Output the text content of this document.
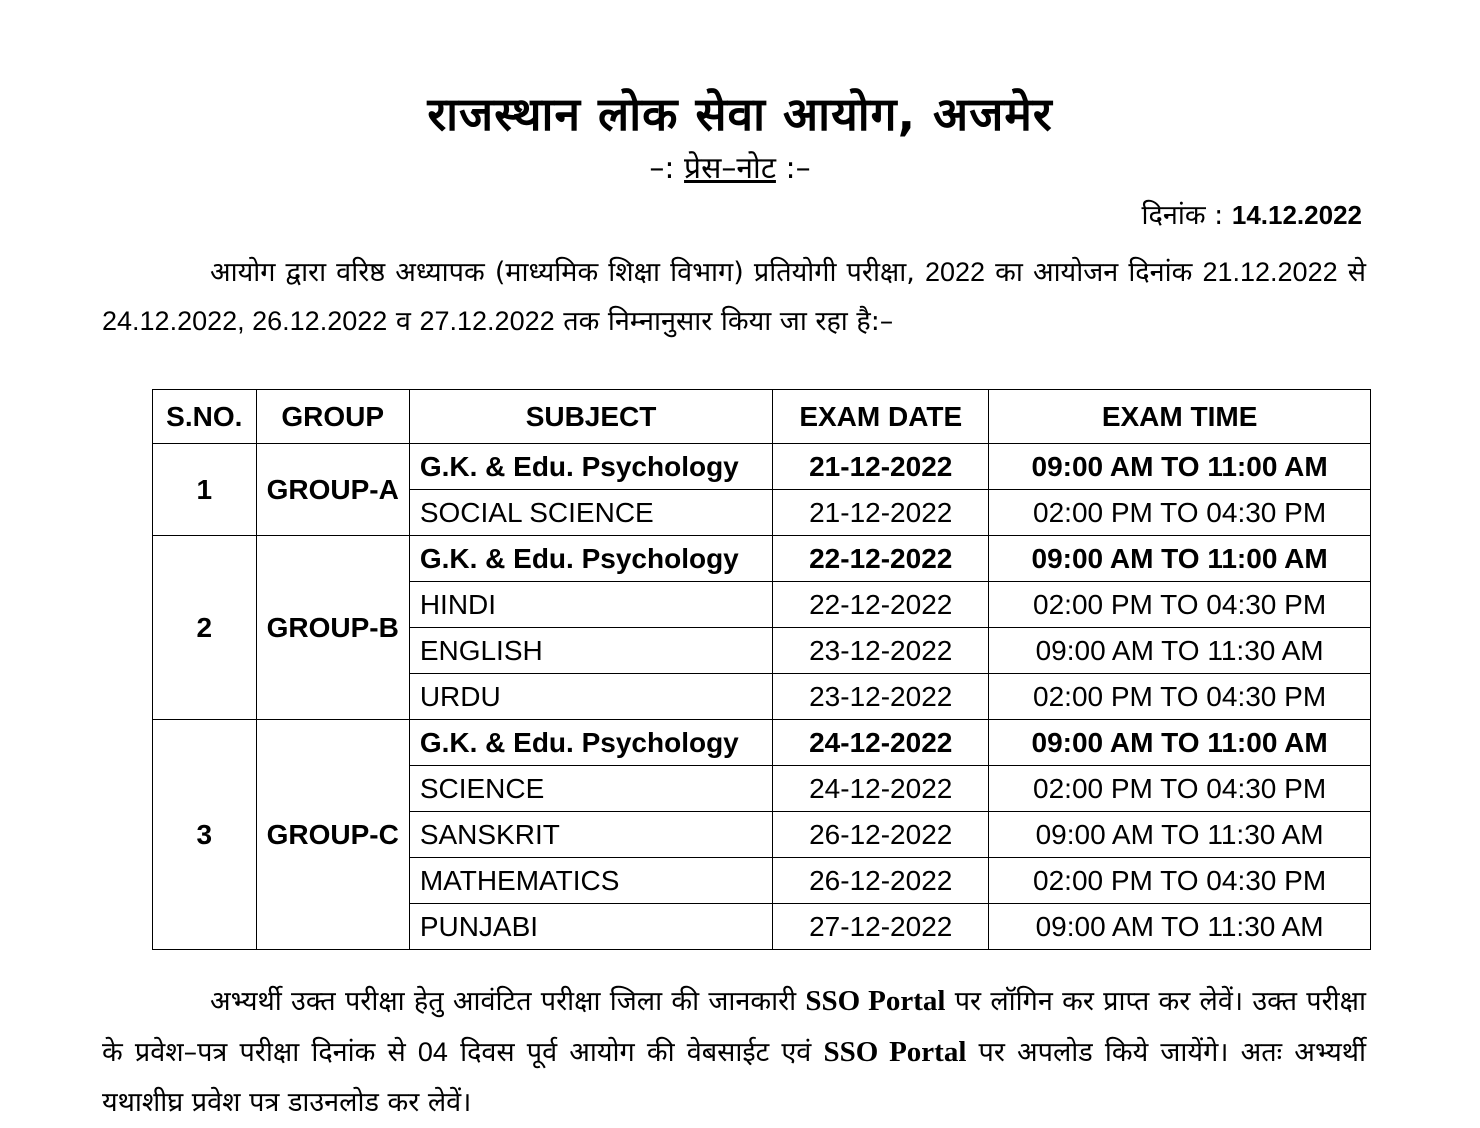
राजस्थान लोक सेवा आयोग, अजमेर
–: प्रेस–नोट :–
दिनांक : 14.12.2022
आयोग द्वारा वरिष्ठ अध्यापक (माध्यमिक शिक्षा विभाग) प्रतियोगी परीक्षा, 2022 का आयोजन दिनांक 21.12.2022 से 24.12.2022, 26.12.2022 व 27.12.2022 तक निम्नानुसार किया जा रहा है:–
S.NO.	GROUP	SUBJECT	EXAM DATE	EXAM TIME
1	GROUP-A	G.K. & Edu. Psychology	21-12-2022	09:00 AM TO 11:00 AM
		SOCIAL SCIENCE	21-12-2022	02:00 PM TO 04:30 PM
2	GROUP-B	G.K. & Edu. Psychology	22-12-2022	09:00 AM TO 11:00 AM
		HINDI	22-12-2022	02:00 PM TO 04:30 PM
		ENGLISH	23-12-2022	09:00 AM TO 11:30 AM
		URDU	23-12-2022	02:00 PM TO 04:30 PM
3	GROUP-C	G.K. & Edu. Psychology	24-12-2022	09:00 AM TO 11:00 AM
		SCIENCE	24-12-2022	02:00 PM TO 04:30 PM
		SANSKRIT	26-12-2022	09:00 AM TO 11:30 AM
		MATHEMATICS	26-12-2022	02:00 PM TO 04:30 PM
		PUNJABI	27-12-2022	09:00 AM TO 11:30 AM
अभ्यर्थी उक्त परीक्षा हेतु आवंटित परीक्षा जिला की जानकारी SSO Portal पर लॉगिन कर प्राप्त कर लेवें। उक्त परीक्षा के प्रवेश–पत्र परीक्षा दिनांक से 04 दिवस पूर्व आयोग की वेबसाईट एवं SSO Portal पर अपलोड किये जायेंगे। अतः अभ्यर्थी यथाशीघ्र प्रवेश पत्र डाउनलोड कर लेवें।
